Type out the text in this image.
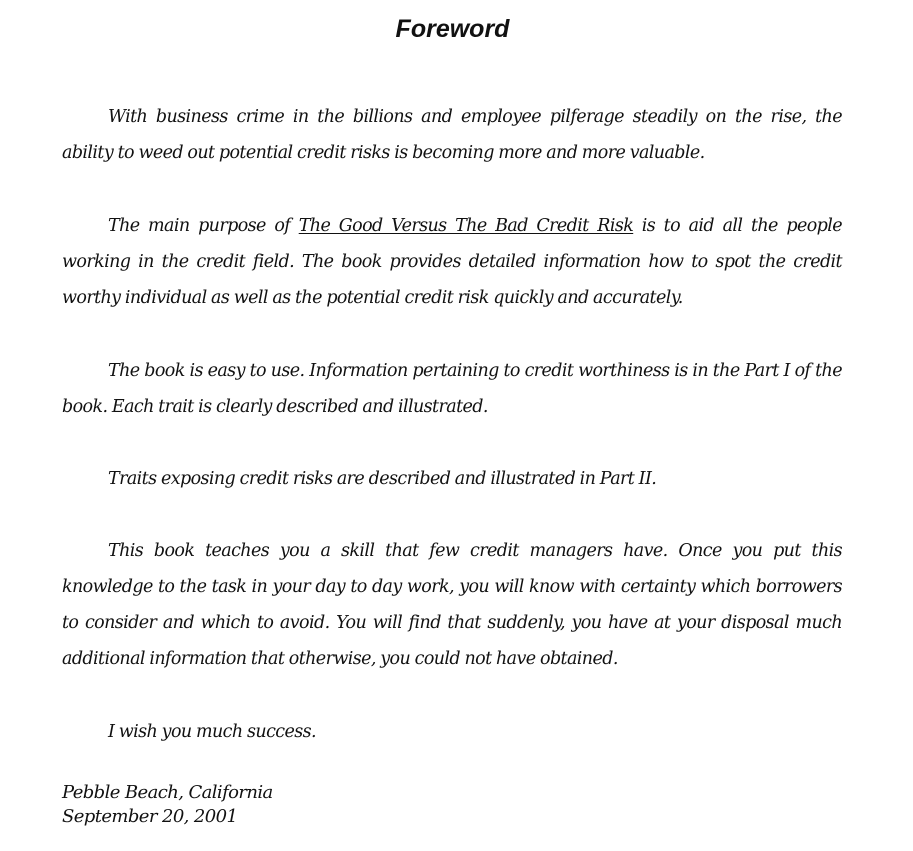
Foreword

With business crime in the billions and employee pilferage steadily on the rise, the ability to weed out potential credit risks is becoming more and more valuable.

The main purpose of The Good Versus The Bad Credit Risk is to aid all the people working in the credit field. The book provides detailed information how to spot the credit worthy individual as well as the potential credit risk quickly and accurately.

The book is easy to use. Information pertaining to credit worthiness is in the Part I of the book. Each trait is clearly described and illustrated.

Traits exposing credit risks are described and illustrated in Part II.

This book teaches you a skill that few credit managers have. Once you put this knowledge to the task in your day to day work, you will know with certainty which borrowers to consider and which to avoid. You will find that suddenly, you have at your disposal much additional information that otherwise, you could not have obtained.

I wish you much success.

Pebble Beach, California
September 20, 2001
